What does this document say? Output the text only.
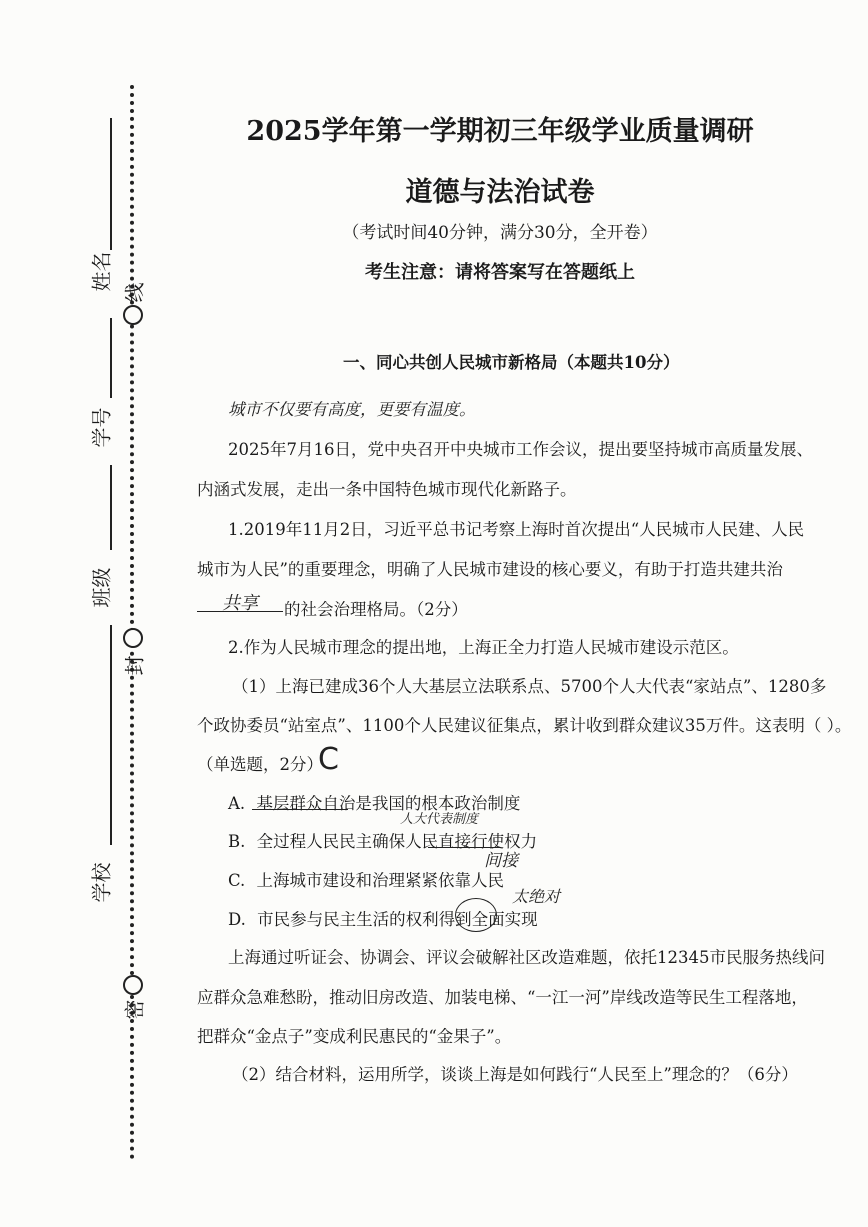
姓名
线
学号
班级
封
学校
密
2025学年第一学期初三年级学业质量调研
道德与法治试卷
（考试时间40分钟，满分30分，全开卷）
考生注意：请将答案写在答题纸上
一、同心共创人民城市新格局（本题共10分）
城市不仅要有高度，更要有温度。
2025年7月16日，党中央召开中央城市工作会议，提出要坚持城市高质量发展、
内涵式发展，走出一条中国特色城市现代化新路子。
1.2019年11月2日，习近平总书记考察上海时首次提出“人民城市人民建、人民
城市为人民”的重要理念，明确了人民城市建设的核心要义，有助于打造共建共治
共享	的社会治理格局。（2分）
2.作为人民城市理念的提出地，上海正全力打造人民城市建设示范区。
（1）上海已建成36个人大基层立法联系点、5700个人大代表“家站点”、1280多
个政协委员“站室点”、1100个人民建议征集点，累计收到群众建议35万件。这表明（ ）。
（单选题，2分）
C
A. 基层群众自治是我国的根本政治制度
人大代表制度
B. 全过程人民民主确保人民直接行使权力
间接
C. 上海城市建设和治理紧紧依靠人民
太绝对
D. 市民参与民主生活的权利得到全面实现
上海通过听证会、协调会、评议会破解社区改造难题，依托12345市民服务热线问
应群众急难愁盼，推动旧房改造、加装电梯、“一江一河”岸线改造等民生工程落地，
把群众“金点子”变成利民惠民的“金果子”。
（2）结合材料，运用所学，谈谈上海是如何践行“人民至上”理念的？（6分）
